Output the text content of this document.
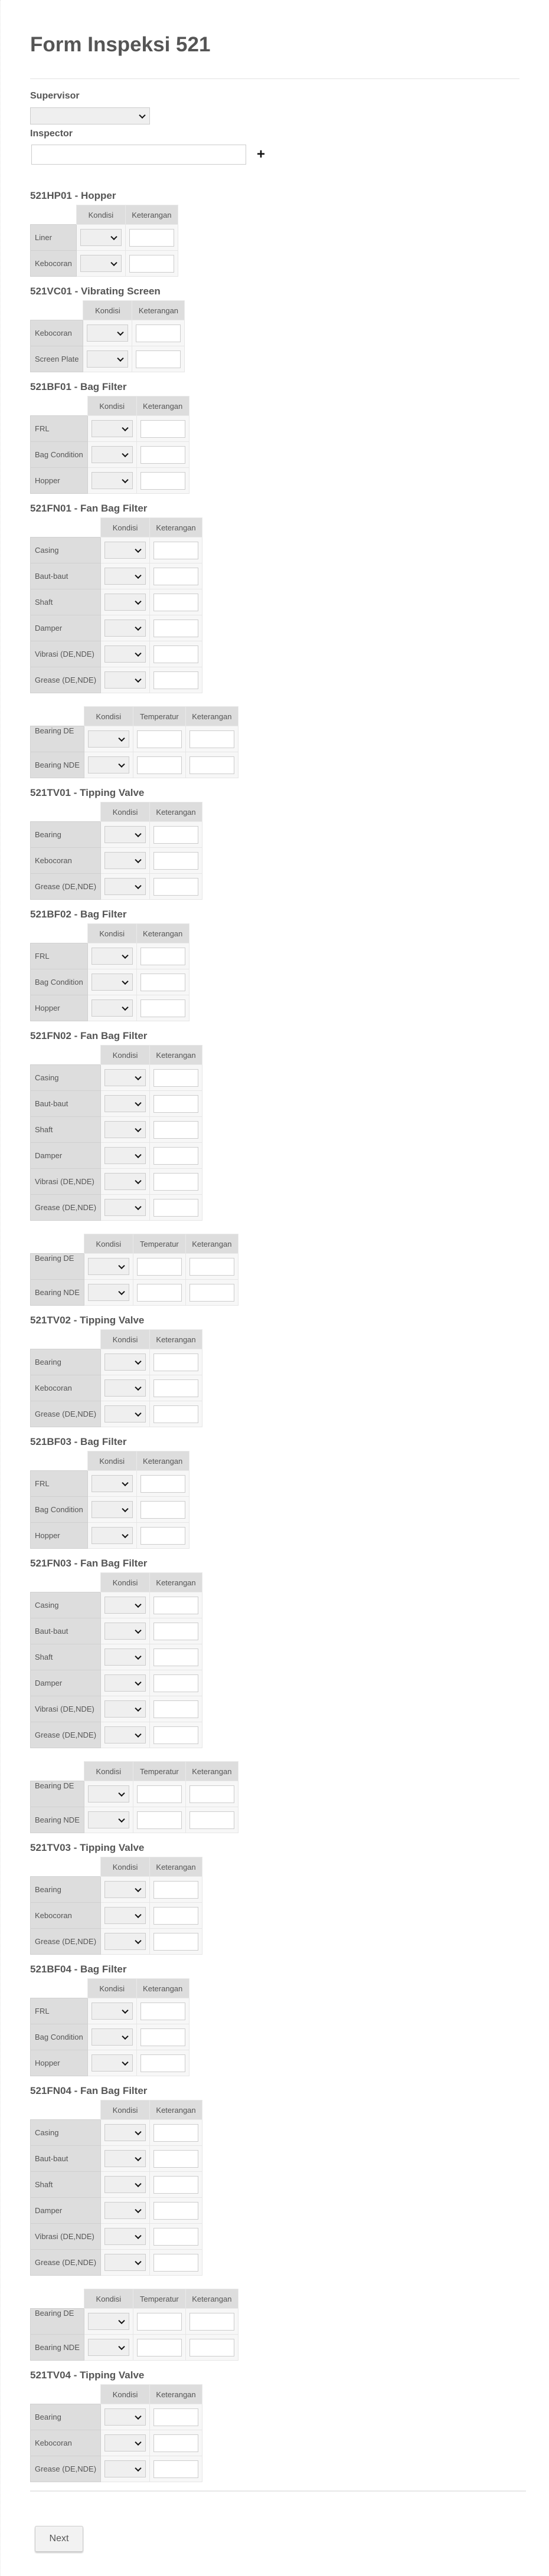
Form Inspeksi 521
Supervisor
Inspector
+
521HP01 - Hopper
	Kondisi	Keterangan
Liner	

Kebocoran	

521VC01 - Vibrating Screen
	Kondisi	Keterangan
Kebocoran	

Screen Plate	

521BF01 - Bag Filter
	Kondisi	Keterangan
FRL	

Bag Condition	

Hopper	

521FN01 - Fan Bag Filter
	Kondisi	Keterangan
Casing	

Baut-baut	

Shaft	

Damper	

Vibrasi (DE,NDE)	

Grease (DE,NDE)	

	Kondisi	Temperatur	Keterangan
Bearing DE	

Bearing NDE	

521TV01 - Tipping Valve
	Kondisi	Keterangan
Bearing	

Kebocoran	

Grease (DE,NDE)	

521BF02 - Bag Filter
	Kondisi	Keterangan
FRL	

Bag Condition	

Hopper	

521FN02 - Fan Bag Filter
	Kondisi	Keterangan
Casing	

Baut-baut	

Shaft	

Damper	

Vibrasi (DE,NDE)	

Grease (DE,NDE)	

	Kondisi	Temperatur	Keterangan
Bearing DE	

Bearing NDE	

521TV02 - Tipping Valve
	Kondisi	Keterangan
Bearing	

Kebocoran	

Grease (DE,NDE)	

521BF03 - Bag Filter
	Kondisi	Keterangan
FRL	

Bag Condition	

Hopper	

521FN03 - Fan Bag Filter
	Kondisi	Keterangan
Casing	

Baut-baut	

Shaft	

Damper	

Vibrasi (DE,NDE)	

Grease (DE,NDE)	

	Kondisi	Temperatur	Keterangan
Bearing DE	

Bearing NDE	

521TV03 - Tipping Valve
	Kondisi	Keterangan
Bearing	

Kebocoran	

Grease (DE,NDE)	

521BF04 - Bag Filter
	Kondisi	Keterangan
FRL	

Bag Condition	

Hopper	

521FN04 - Fan Bag Filter
	Kondisi	Keterangan
Casing	

Baut-baut	

Shaft	

Damper	

Vibrasi (DE,NDE)	

Grease (DE,NDE)	

	Kondisi	Temperatur	Keterangan
Bearing DE	

Bearing NDE	

521TV04 - Tipping Valve
	Kondisi	Keterangan
Bearing	

Kebocoran	

Grease (DE,NDE)	

Next
